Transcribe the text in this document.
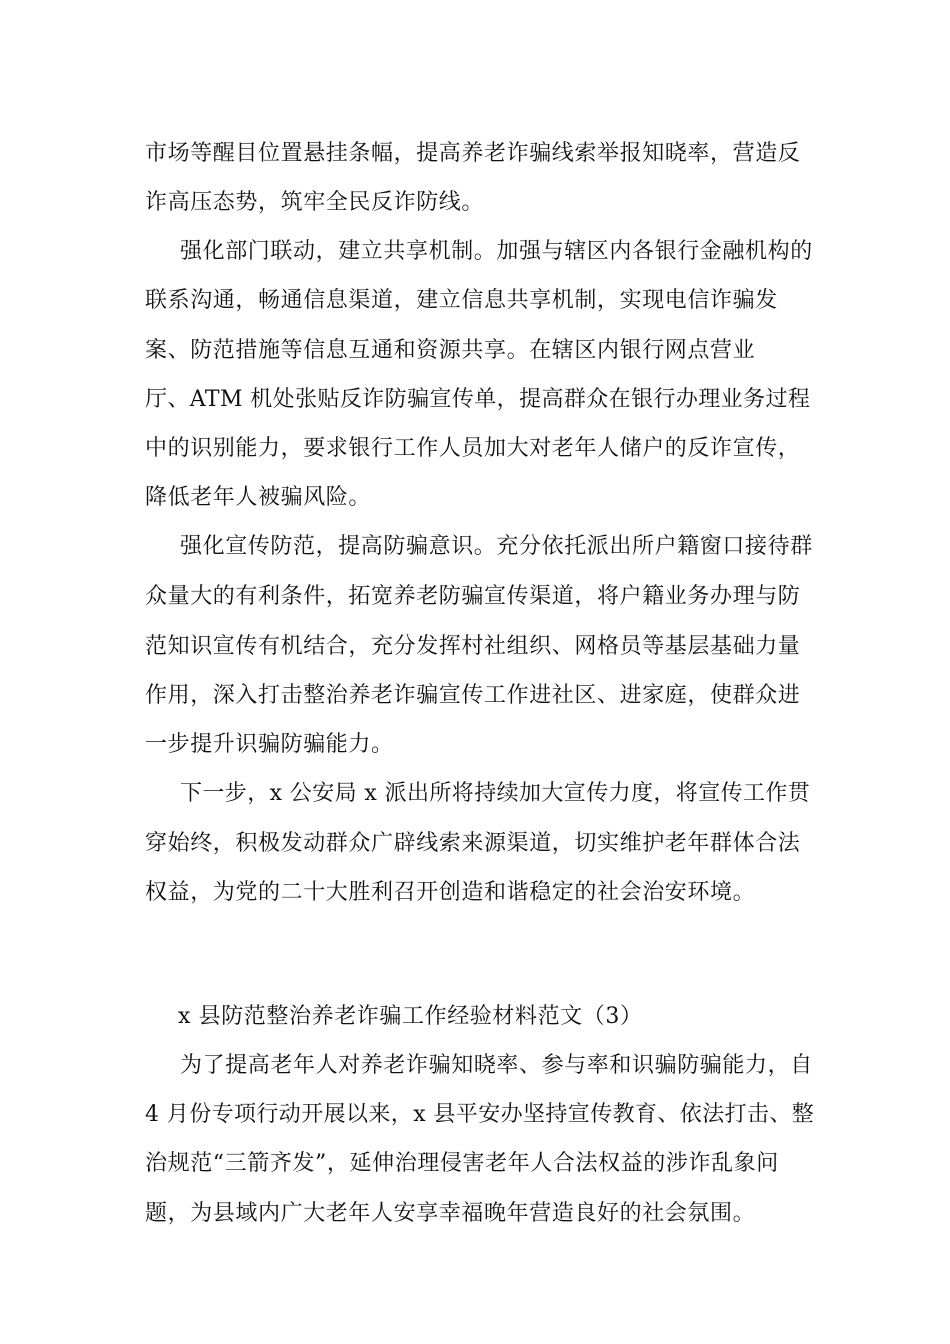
市场等醒目位置悬挂条幅，提高养老诈骗线索举报知晓率，营造反
诈高压态势，筑牢全民反诈防线。
强化部门联动，建立共享机制。加强与辖区内各银行金融机构的
联系沟通，畅通信息渠道，建立信息共享机制，实现电信诈骗发
案、防范措施等信息互通和资源共享。在辖区内银行网点营业
厅、ATM 机处张贴反诈防骗宣传单，提高群众在银行办理业务过程
中的识别能力，要求银行工作人员加大对老年人储户的反诈宣传，
降低老年人被骗风险。
强化宣传防范，提高防骗意识。充分依托派出所户籍窗口接待群
众量大的有利条件，拓宽养老防骗宣传渠道，将户籍业务办理与防
范知识宣传有机结合，充分发挥村社组织、网格员等基层基础力量
作用，深入打击整治养老诈骗宣传工作进社区、进家庭，使群众进
一步提升识骗防骗能力。
下一步，x 公安局 x 派出所将持续加大宣传力度，将宣传工作贯
穿始终，积极发动群众广辟线索来源渠道，切实维护老年群体合法
权益，为党的二十大胜利召开创造和谐稳定的社会治安环境。
x 县防范整治养老诈骗工作经验材料范文（3）
为了提高老年人对养老诈骗知晓率、参与率和识骗防骗能力，自
4 月份专项行动开展以来，x 县平安办坚持宣传教育、依法打击、整
治规范“三箭齐发”，延伸治理侵害老年人合法权益的涉诈乱象问
题，为县域内广大老年人安享幸福晚年营造良好的社会氛围。
